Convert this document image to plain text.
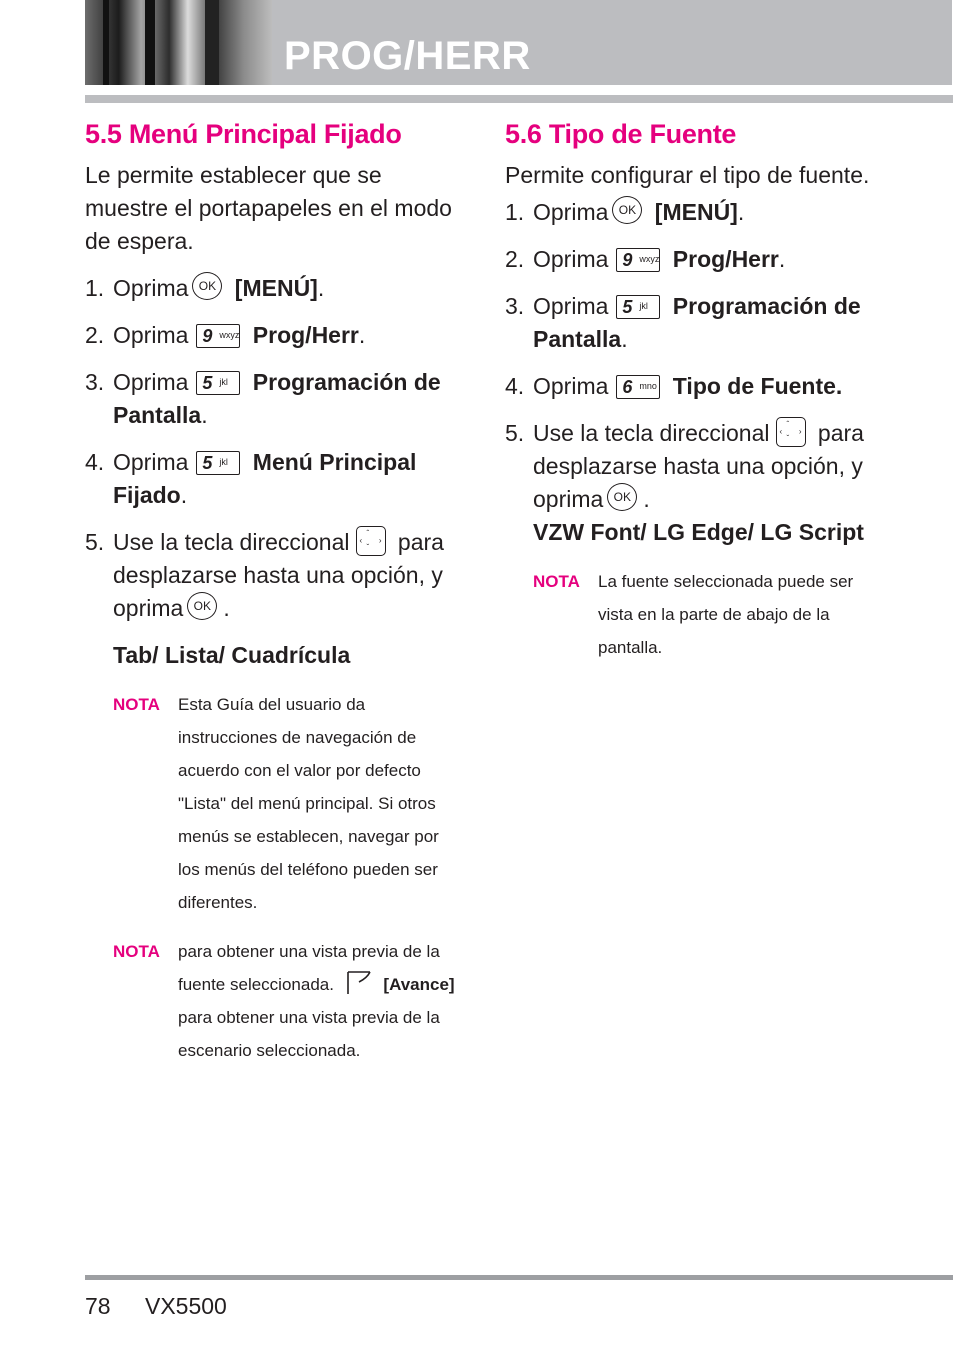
PROG/HERR
5.5 Menú Principal Fijado

Le permite establecer que se muestre el portapapeles en el modo de espera.

1. Oprima OK [MENÚ].
2. Oprima 9 wxyz Prog/Herr.
3. Oprima 5 jkl Programación de Pantalla.
4. Oprima 5 jkl Menú Principal Fijado.
5. Use la tecla direccional ˆ
ˇ
‹ › para desplazarse hasta una opción, y oprima OK .
Tab/ Lista/ Cuadrícula
NOTA Esta Guía del usuario da instrucciones de navegación de acuerdo con el valor por defecto "Lista" del menú principal. Si otros menús se establecen, navegar por los menús del teléfono pueden ser diferentes.
NOTA para obtener una vista previa de la fuente seleccionada.	[Avance] para obtener una vista previa de la escenario seleccionada.
5.6 Tipo de Fuente

Permite configurar el tipo de fuente.

1. Oprima OK [MENÚ].
2. Oprima 9 wxyz Prog/Herr.
3. Oprima 5 jkl Programación de Pantalla.
4. Oprima 6 mno Tipo de Fuente.
5. Use la tecla direccional ˆ
ˇ
‹ › para desplazarse hasta una opción, y oprima OK .
VZW Font/ LG Edge/ LG Script
NOTA La fuente seleccionada puede ser vista en la parte de abajo de la pantalla.
78 VX5500
